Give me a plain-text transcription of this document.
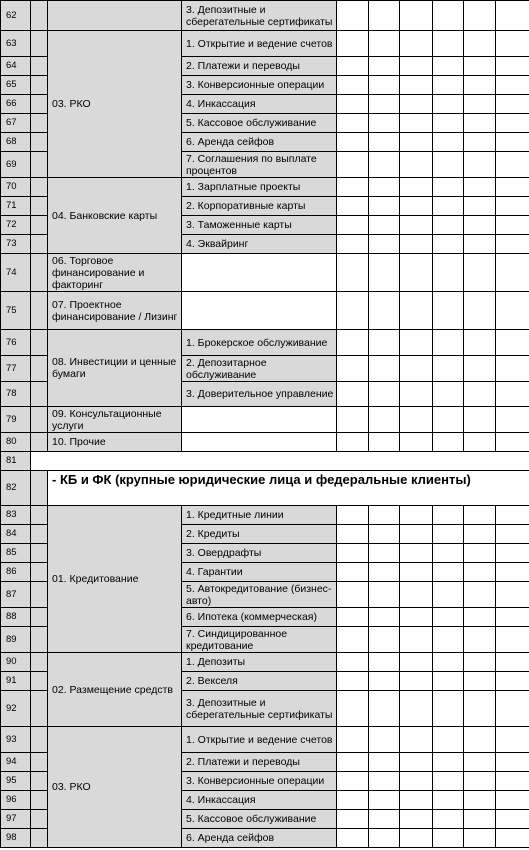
62			3. Депозитные и сберегательные сертификаты						
63		03. РКО	1. Открытие и ведение счетов						
64			2. Платежи и переводы						
65			3. Конверсионные операции						
66			4. Инкассация						
67			5. Кассовое обслуживание						
68			6. Аренда сейфов						
69			7. Соглашения по выплате процентов						
70		04. Банковские карты	1. Зарплатные проекты						
71			2. Корпоративные карты						
72			3. Таможенные карты						
73			4. Эквайринг						
74		06. Торговое финансирование и факторинг							
75		07. Проектное финансирование / Лизинг							
76		08. Инвестиции и ценные бумаги	1. Брокерское обслуживание						
77			2. Депозитарное обслуживание						
78			3. Доверительное управление						
79		09. Консультационные услуги							
80		10. Прочие							
81									
82		- КБ и ФК (крупные юридические лица и федеральные клиенты)							
83		01. Кредитование	1. Кредитные линии						
84			2. Кредиты						
85			3. Овердрафты						
86			4. Гарантии						
87			5. Автокредитование (бизнес-авто)						
88			6. Ипотека (коммерческая)						
89			7. Синдицированное кредитование						
90		02. Размещение средств	1. Депозиты						
91			2. Векселя						
92			3. Депозитные и сберегательные сертификаты						
93		03. РКО	1. Открытие и ведение счетов						
94			2. Платежи и переводы						
95			3. Конверсионные операции						
96			4. Инкассация						
97			5. Кассовое обслуживание						
98			6. Аренда сейфов						
